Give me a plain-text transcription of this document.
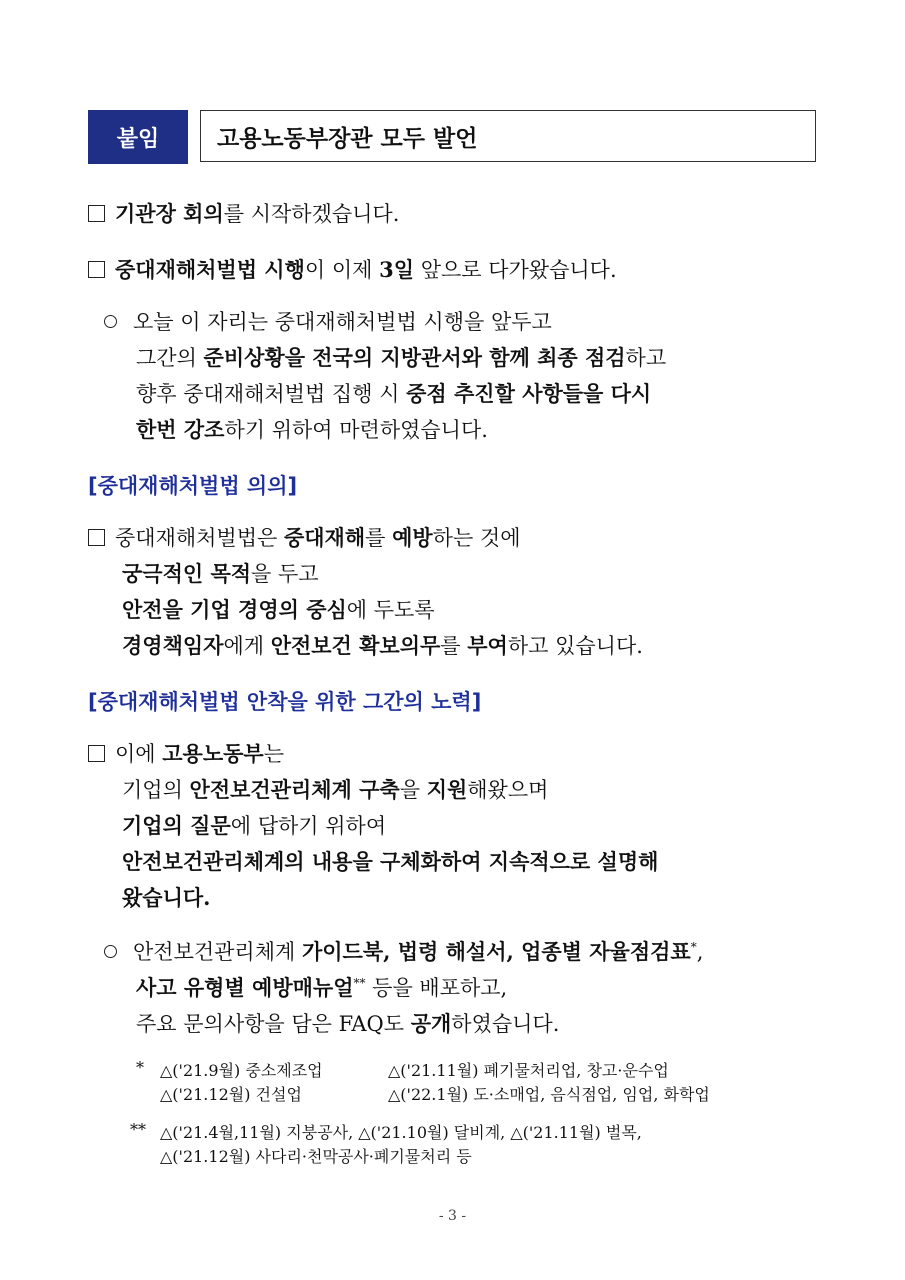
붙임	고용노동부장관 모두 발언
기관장 회의를 시작하겠습니다.
중대재해처벌법 시행이 이제 3일 앞으로 다가왔습니다.
오늘 이 자리는 중대재해처벌법 시행을 앞두고
그간의 준비상황을 전국의 지방관서와 함께 최종 점검하고
향후 중대재해처벌법 집행 시 중점 추진할 사항들을 다시
한번 강조하기 위하여 마련하였습니다.
[중대재해처벌법 의의]
중대재해처벌법은 중대재해를 예방하는 것에
궁극적인 목적을 두고
안전을 기업 경영의 중심에 두도록
경영책임자에게 안전보건 확보의무를 부여하고 있습니다.
[중대재해처벌법 안착을 위한 그간의 노력]
이에 고용노동부는
기업의 안전보건관리체계 구축을 지원해왔으며
기업의 질문에 답하기 위하여
안전보건관리체계의 내용을 구체화하여 지속적으로 설명해
왔습니다.
안전보건관리체계 가이드북, 법령 해설서, 업종별 자율점검표*,
사고 유형별 예방매뉴얼** 등을 배포하고,
주요 문의사항을 담은 FAQ도 공개하였습니다.
* △('21.9월) 중소제조업	△('21.11월) 폐기물처리업, 창고·운수업
△('21.12월) 건설업	△('22.1월) 도·소매업, 음식점업, 임업, 화학업
** △('21.4월,11월) 지붕공사, △('21.10월) 달비계, △('21.11월) 벌목,
△('21.12월) 사다리·천막공사·폐기물처리 등
- 3 -
